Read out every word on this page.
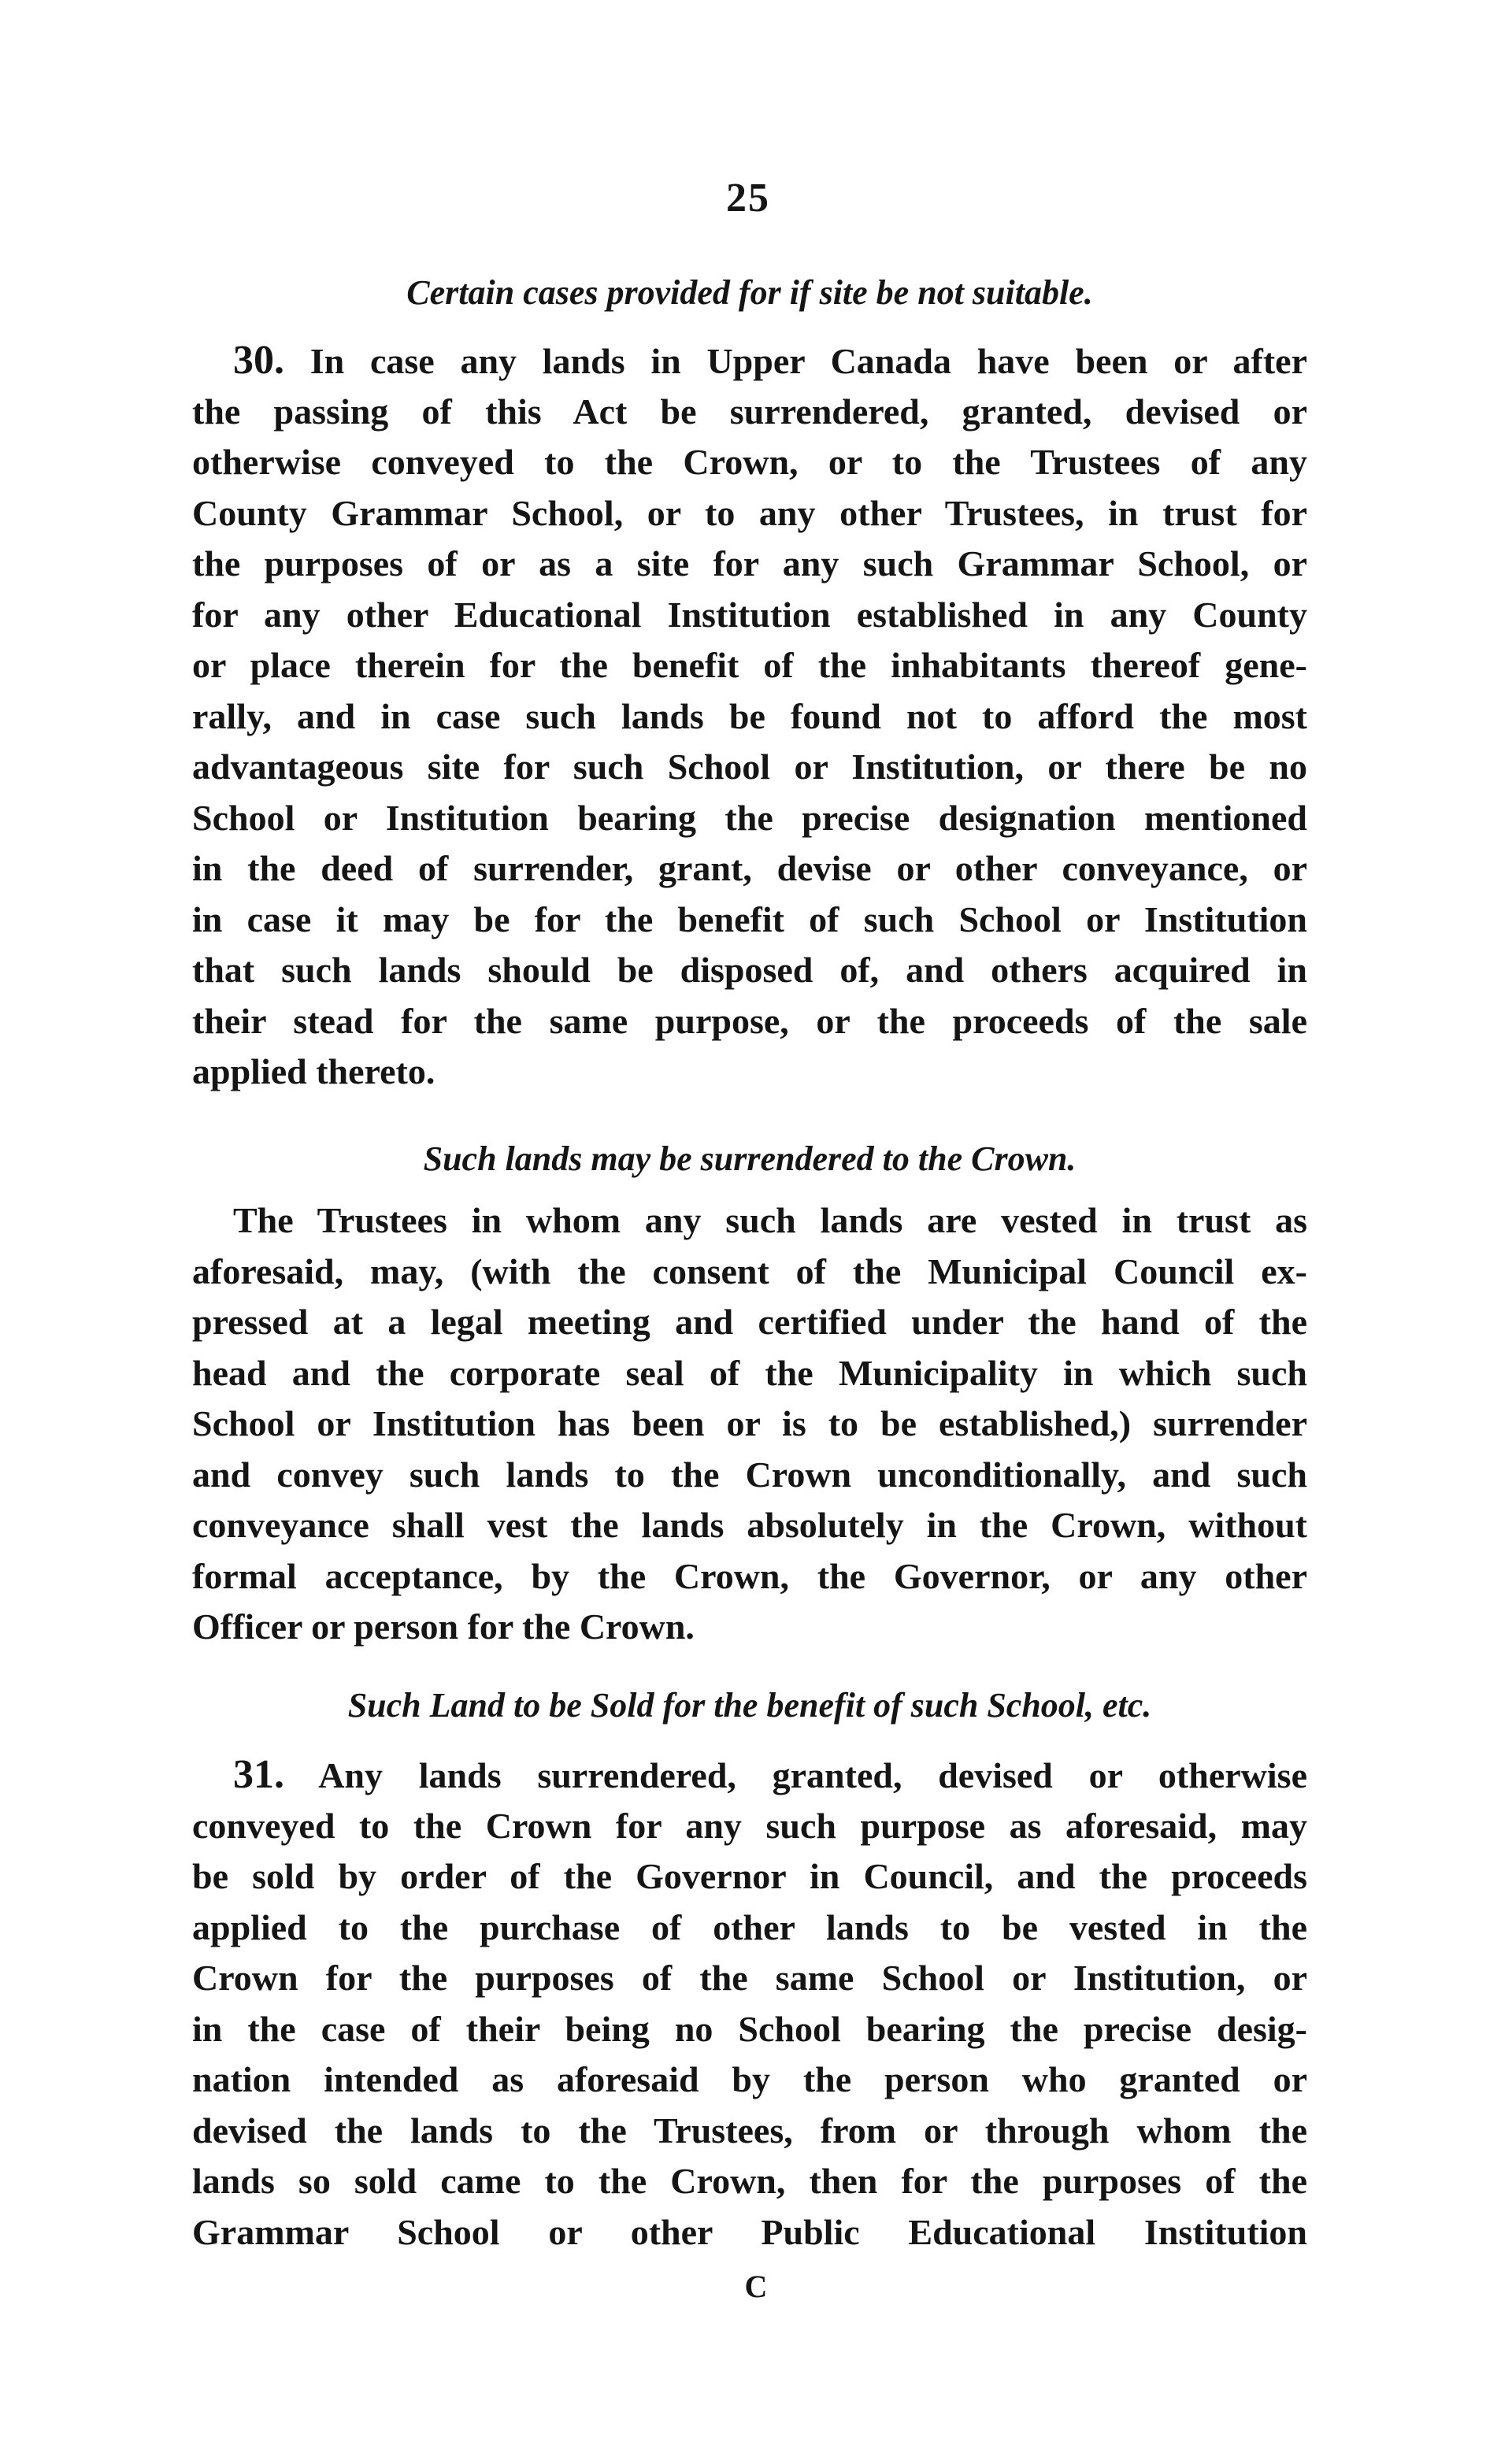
25
Certain cases provided for if site be not suitable.
30. In case any lands in Upper Canada have been or after
the passing of this Act be surrendered, granted, devised or
otherwise conveyed to the Crown, or to the Trustees of any
County Grammar School, or to any other Trustees, in trust for
the purposes of or as a site for any such Grammar School, or
for any other Educational Institution established in any County
or place therein for the benefit of the inhabitants thereof gene-
rally, and in case such lands be found not to afford the most
advantageous site for such School or Institution, or there be no
School or Institution bearing the precise designation mentioned
in the deed of surrender, grant, devise or other conveyance, or
in case it may be for the benefit of such School or Institution
that such lands should be disposed of, and others acquired in
their stead for the same purpose, or the proceeds of the sale
applied thereto.
Such lands may be surrendered to the Crown.
The Trustees in whom any such lands are vested in trust as
aforesaid, may, (with the consent of the Municipal Council ex-
pressed at a legal meeting and certified under the hand of the
head and the corporate seal of the Municipality in which such
School or Institution has been or is to be established,) surrender
and convey such lands to the Crown unconditionally, and such
conveyance shall vest the lands absolutely in the Crown, without
formal acceptance, by the Crown, the Governor, or any other
Officer or person for the Crown.
Such Land to be Sold for the benefit of such School, etc.
31. Any lands surrendered, granted, devised or otherwise
conveyed to the Crown for any such purpose as aforesaid, may
be sold by order of the Governor in Council, and the proceeds
applied to the purchase of other lands to be vested in the
Crown for the purposes of the same School or Institution, or
in the case of their being no School bearing the precise desig-
nation intended as aforesaid by the person who granted or
devised the lands to the Trustees, from or through whom the
lands so sold came to the Crown, then for the purposes of the
Grammar School or other Public Educational Institution
C
